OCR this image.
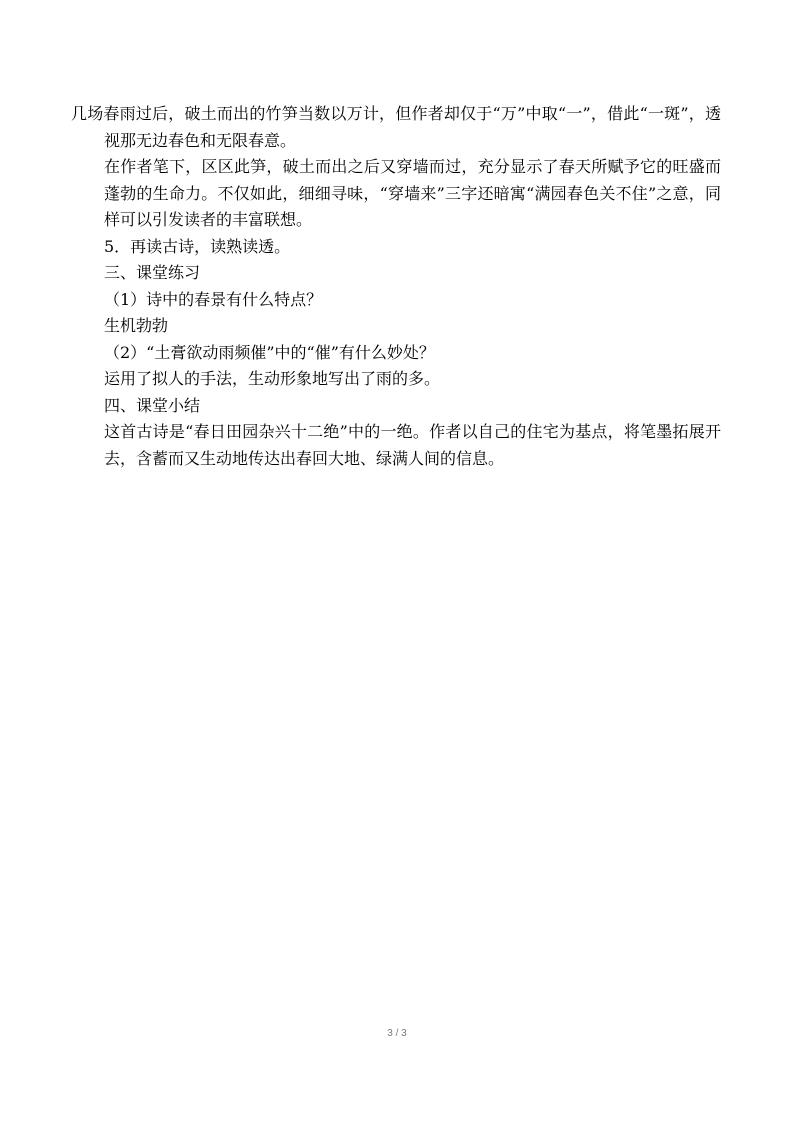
几场春雨过后，破土而出的竹笋当数以万计，但作者却仅于“万”中取“一”，借此“一斑”，透视那无边春色和无限春意。

在作者笔下，区区此笋，破土而出之后又穿墙而过，充分显示了春天所赋予它的旺盛而蓬勃的生命力。不仅如此，细细寻味，“穿墙来”三字还暗寓“满园春色关不住”之意，同样可以引发读者的丰富联想。

5．再读古诗，读熟读透。

三、课堂练习

（1）诗中的春景有什么特点？

生机勃勃

（2）“土膏欲动雨频催”中的“催”有什么妙处？

运用了拟人的手法，生动形象地写出了雨的多。

四、课堂小结

这首古诗是“春日田园杂兴十二绝”中的一绝。作者以自己的住宅为基点，将笔墨拓展开去，含蓄而又生动地传达出春回大地、绿满人间的信息。

3 / 3
